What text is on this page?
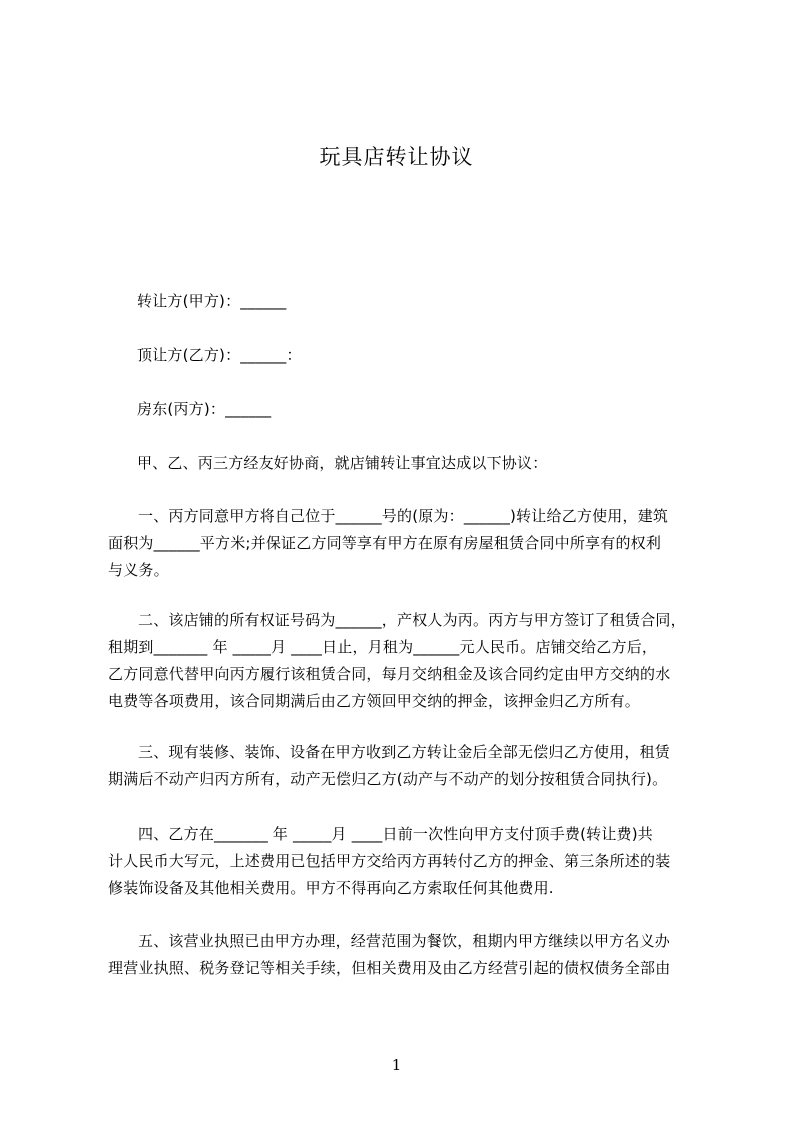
玩具店转让协议
转让方(甲方)：______
顶让方(乙方)：______：
房东(丙方)：______
甲、乙、丙三方经友好协商，就店铺转让事宜达成以下协议：
一、丙方同意甲方将自己位于______号的(原为：______)转让给乙方使用，建筑
面积为______平方米;并保证乙方同等享有甲方在原有房屋租赁合同中所享有的权利
与义务。
二、该店铺的所有权证号码为______，产权人为丙。丙方与甲方签订了租赁合同，
租期到_______ 年 _____月 ____日止，月租为______元人民币。店铺交给乙方后，
乙方同意代替甲向丙方履行该租赁合同，每月交纳租金及该合同约定由甲方交纳的水
电费等各项费用，该合同期满后由乙方领回甲交纳的押金，该押金归乙方所有。
三、现有装修、装饰、设备在甲方收到乙方转让金后全部无偿归乙方使用，租赁
期满后不动产归丙方所有，动产无偿归乙方(动产与不动产的划分按租赁合同执行)。
四、乙方在_______ 年 _____月 ____日前一次性向甲方支付顶手费(转让费)共
计人民币大写元，上述费用已包括甲方交给丙方再转付乙方的押金、第三条所述的装
修装饰设备及其他相关费用。甲方不得再向乙方索取任何其他费用.
五、该营业执照已由甲方办理，经营范围为餐饮，租期内甲方继续以甲方名义办
理营业执照、税务登记等相关手续，但相关费用及由乙方经营引起的债权债务全部由
1
